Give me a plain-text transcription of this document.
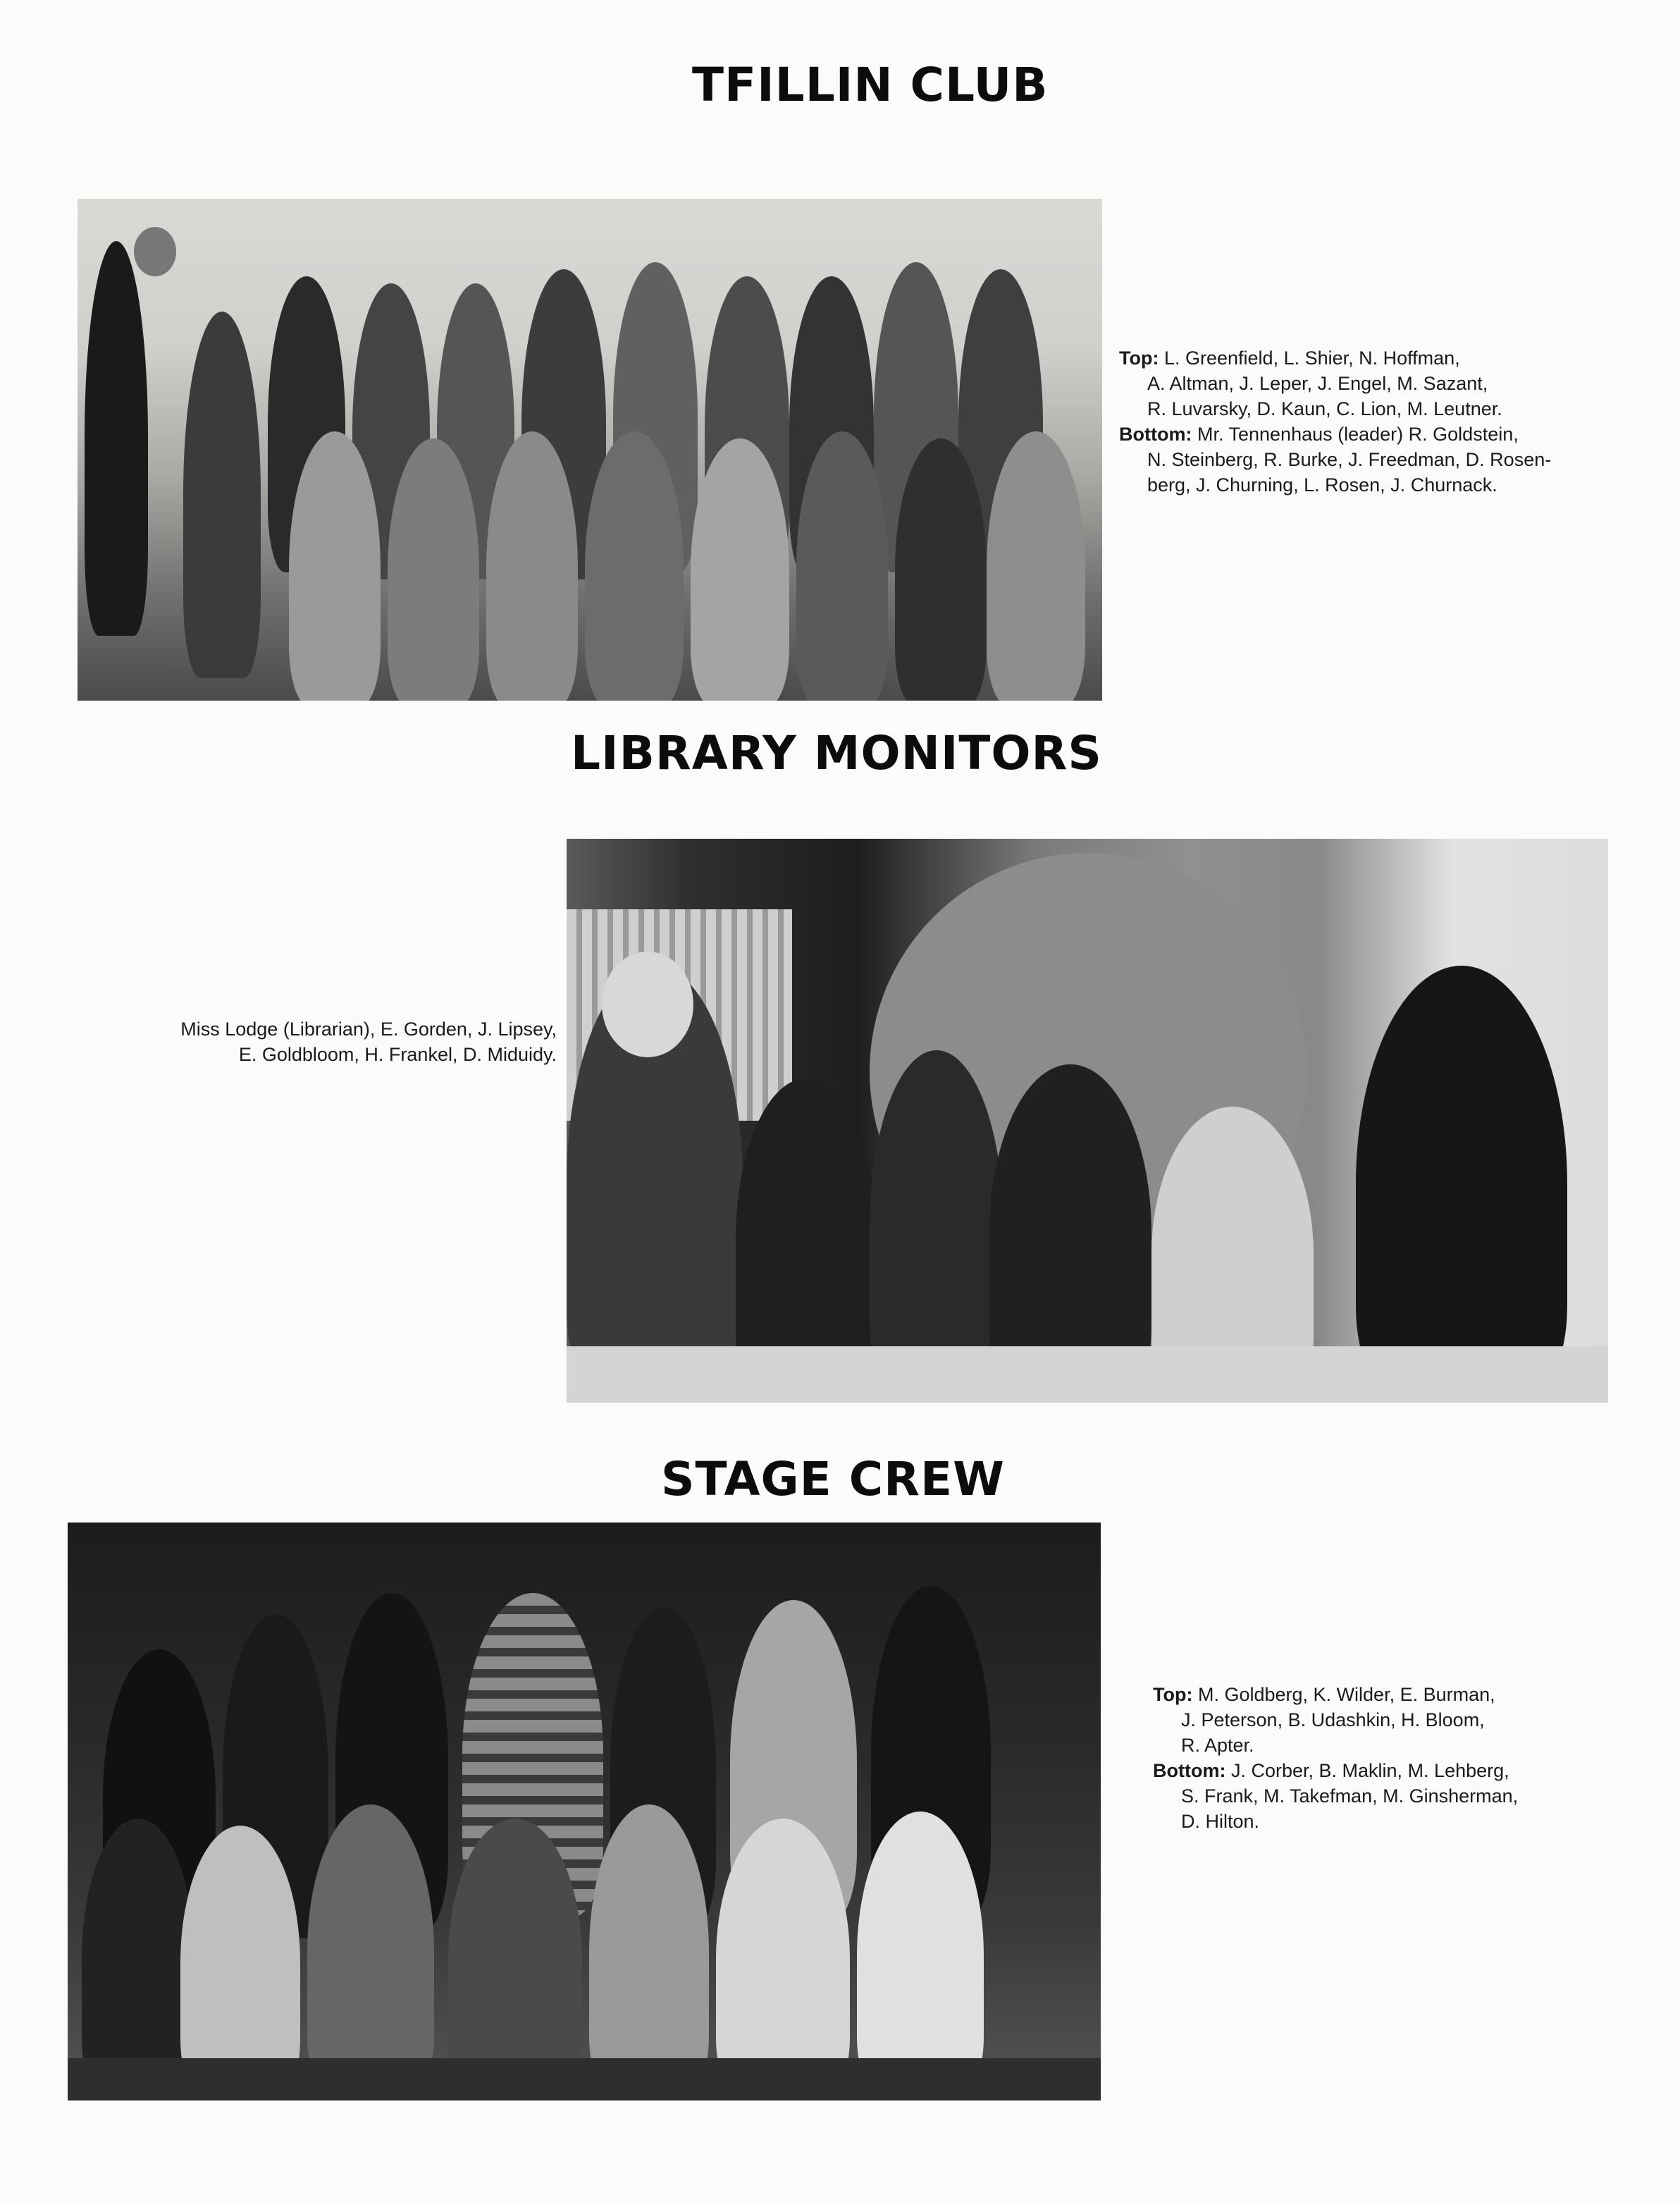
TFILLIN CLUB

Top: L. Greenfield, L. Shier, N. Hoffman,
A. Altman, J. Leper, J. Engel, M. Sazant,
R. Luvarsky, D. Kaun, C. Lion, M. Leutner.
Bottom: Mr. Tennenhaus (leader) R. Goldstein,
N. Steinberg, R. Burke, J. Freedman, D. Rosen-
berg, J. Churning, L. Rosen, J. Churnack.

LIBRARY MONITORS

Miss Lodge (Librarian), E. Gorden, J. Lipsey,
E. Goldbloom, H. Frankel, D. Miduidy.

STAGE CREW

Top: M. Goldberg, K. Wilder, E. Burman,
J. Peterson, B. Udashkin, H. Bloom,
R. Apter.
Bottom: J. Corber, B. Maklin, M. Lehberg,
S. Frank, M. Takefman, M. Ginsherman,
D. Hilton.
